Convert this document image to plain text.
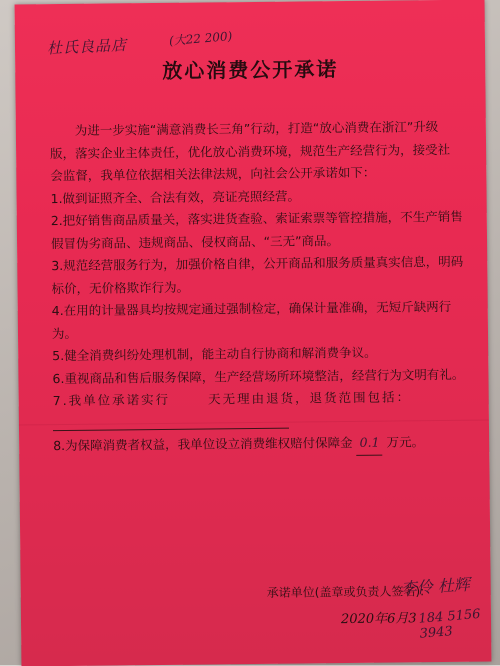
杜氏良品店	(大22 200)
放心消费公开承诺

为进一步实施“满意消费长三角”行动，打造“放心消费在浙江”升级版，落实企业主体责任，优化放心消费环境，规范生产经营行为，接受社会监督，我单位依据相关法律法规，向社会公开承诺如下：

1.做到证照齐全、合法有效，亮证亮照经营。

2.把好销售商品质量关，落实进货查验、索证索票等管控措施，不生产销售假冒伪劣商品、违规商品、侵权商品、“三无”商品。

3.规范经营服务行为，加强价格自律，公开商品和服务质量真实信息，明码标价，无价格欺诈行为。

4.在用的计量器具均按规定通过强制检定，确保计量准确，无短斤缺两行为。

5.健全消费纠纷处理机制，能主动自行协商和解消费争议。

6.重视商品和售后服务保障，生产经营场所环境整洁，经营行为文明有礼。

7.我单位承诺实行	天无理由退货，退货范围包括：

8.为保障消费者权益，我单位设立消费维权赔付保障金 0.1 万元。

承诺单位(盖章或负责人签名):
李伶 杜辉
2020年6月3 184 5156 3943
